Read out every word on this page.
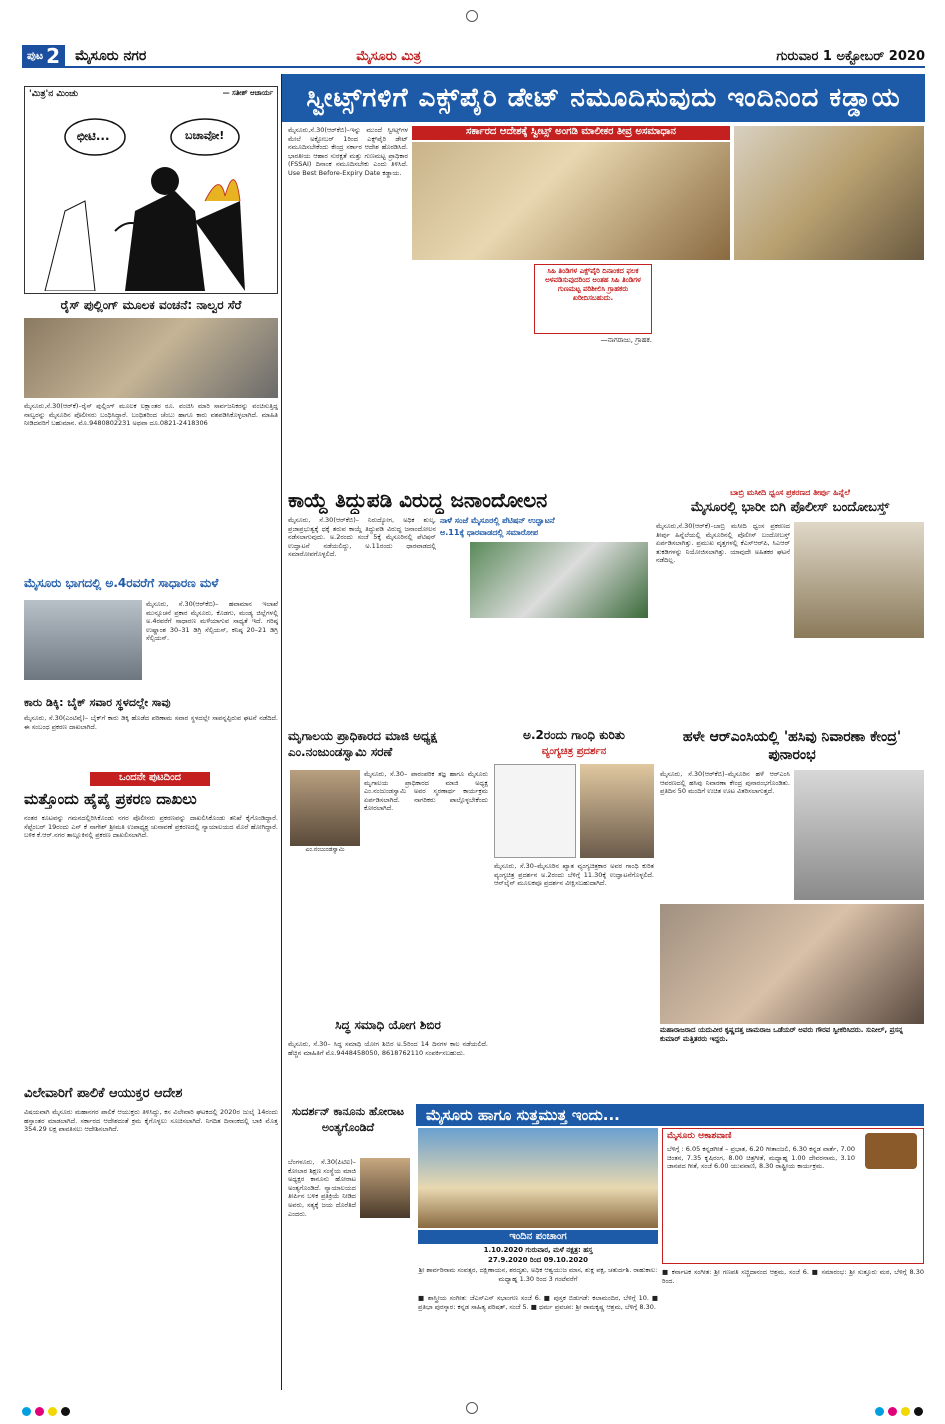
ಪುಟ 2 ಮೈಸೂರು ನಗರ	ಮೈಸೂರು ಮಿತ್ರ	ಗುರುವಾರ 1 ಅಕ್ಟೋಬರ್ 2020
'ಮಿತ್ರ'ನ ಮಿಂಚು	— ಸತೀಶ್ ಆಚಾರ್ಯ
ಛೀಟಿ...	ಬಚಾವೋ!
ರೈಸ್ ಪುಲ್ಲಿಂಗ್ ಮೂಲಕ ವಂಚನೆ: ನಾಲ್ವರ ಸೆರೆ
ಮೈಸೂರು,ಸೆ.30(ಆರ್‌ಕೆ)–ರೈಸ್ ಪುಲ್ಲಿಂಗ್ ಮೂಲಕ ಲಕ್ಷಾಂತರ ರೂ. ವಂಚಿಸಿ ಮಾರಿ ಸಾರ್ವಜನಿಕರನ್ನು ವಂಚಿಸುತ್ತಿದ್ದ ನಾಲ್ವರನ್ನು ಮೈಸೂರಿನ ಪೊಲೀಸರು ಬಂಧಿಸಿದ್ದಾರೆ. ಬಂಧಿತರಿಂದ ಚೆಂಬು ಹಾಗೂ ಕಾರು ವಶಪಡಿಸಿಕೊಳ್ಳಲಾಗಿದೆ. ಮಾಹಿತಿ ನೀಡಿದವರಿಗೆ ಬಹುಮಾನ. ಮೊ.9480802231 ಅಥವಾ ದೂ.0821-2418306
ಮೈಸೂರು ಭಾಗದಲ್ಲಿ ಅ.4ರವರೆಗೆ ಸಾಧಾರಣ ಮಳೆ
ಮೈಸೂರು, ಸೆ.30(ಆರ್‌ಕೆಬಿ)– ಹವಾಮಾನ ಇಲಾಖೆ ಮುನ್ಸೂಚನೆ ಪ್ರಕಾರ ಮೈಸೂರು, ಕೊಡಗು, ಮಂಡ್ಯ ಜಿಲ್ಲೆಗಳಲ್ಲಿ ಅ.4ರವರೆಗೆ ಸಾಧಾರಣ ಮಳೆಯಾಗುವ ಸಾಧ್ಯತೆ ಇದೆ. ಗರಿಷ್ಠ ಉಷ್ಣಾಂಶ 30–31 ಡಿಗ್ರಿ ಸೆಲ್ಸಿಯಸ್, ಕನಿಷ್ಠ 20–21 ಡಿಗ್ರಿ ಸೆಲ್ಸಿಯಸ್.
ಕಾರು ಡಿಕ್ಕಿ: ಬೈಕ್ ಸವಾರ ಸ್ಥಳದಲ್ಲೇ ಸಾವು
ಮೈಸೂರು, ಸೆ.30(ಎಂಟಿವೈ)– ಬೈಕ್‌ಗೆ ಕಾರು ಡಿಕ್ಕಿ ಹೊಡೆದ ಪರಿಣಾಮ ಸವಾರ ಸ್ಥಳದಲ್ಲೇ ಸಾವನ್ನಪ್ಪಿರುವ ಘಟನೆ ನಡೆದಿದೆ. ಈ ಸಂಬಂಧ ಪ್ರಕರಣ ದಾಖಲಾಗಿದೆ.
ಒಂದನೇ ಪುಟದಿಂದ
ಮತ್ತೊಂದು ಹೈಪೈ ಪ್ರಕರಣ ದಾಖಲು
ನಂತರ ಕೂಟವನ್ನು ಗಮನದಲ್ಲಿರಿಸಿಕೊಂಡು ನಗರ ಪೊಲೀಸರು ಪ್ರಕರಣವನ್ನು ದಾಖಲಿಸಿಕೊಂಡು ತನಿಖೆ ಕೈಗೊಂಡಿದ್ದಾರೆ. ಸೆಪ್ಟೆಂಬರ್ 19ರಂದು ಎನ್ ಕೆ ನಾಗೇಶ್ ಶ್ರೀಮತಿ ಉಪಾಧ್ಯಕ್ಷ ಚುನಾವಣೆ ಪ್ರಕರಣದಲ್ಲಿ ನ್ಯಾಯಾಲಯದ ಮೊರೆ ಹೋಗಿದ್ದಾರೆ. ಬಳಿಕ ಕೆ.ಆರ್.ನಗರ ತಾಲ್ಲೂಕಿನಲ್ಲಿ ಪ್ರಕರಣ ದಾಖಲಿಸಲಾಗಿದೆ.
ವಿಲೇವಾರಿಗೆ ಪಾಲಿಕೆ ಆಯುಕ್ತರ ಆದೇಶ
ವಿಷಯವಾಗಿ ಮೈಸೂರು ಮಹಾನಗರ ಪಾಲಿಕೆ ಆಯುಕ್ತರು ತಿಳಿಸಿದ್ದು, ಕಸ ವಿಲೇವಾರಿ ಘಟಕದಲ್ಲಿ 2020ರ ಜುಲೈ 14ರಂದು ಹಸ್ತಾಂತರ ಮಾಡಲಾಗಿದೆ. ಸರ್ಕಾರದ ಆದೇಶದಂತೆ ಕ್ರಮ ಕೈಗೊಳ್ಳಲು ಸೂಚಿಸಲಾಗಿದೆ. ನಿಗದಿತ ದಿನಾಂಕದಲ್ಲಿ ಬಾಕಿ ಮೊತ್ತ 354.29 ಲಕ್ಷ ಪಾವತಿಸಲು ಆದೇಶಿಸಲಾಗಿದೆ.
ಸ್ವೀಟ್ಸ್‌ಗಳಿಗೆ ಎಕ್ಸ್‌ಪೈರಿ ಡೇಟ್ ನಮೂದಿಸುವುದು ಇಂದಿನಿಂದ ಕಡ್ಡಾಯ
ಮೈಸೂರು,ಸೆ.30(ಆರ್‌ಕೆಬಿ)–ಇನ್ನು ಮುಂದೆ ಸ್ವೀಟ್ಸ್‌ಗಳ ಮೇಲೆ ಅಕ್ಟೋಬರ್ 1ರಿಂದ ಎಕ್ಸ್‌ಪೈರಿ ಡೇಟ್ ನಮೂದಿಸಬೇಕೆಂದು ಕೇಂದ್ರ ಸರ್ಕಾರ ಆದೇಶ ಹೊರಡಿಸಿದೆ. ಭಾರತೀಯ ಆಹಾರ ಸುರಕ್ಷತೆ ಮತ್ತು ಗುಣಮಟ್ಟ ಪ್ರಾಧಿಕಾರ (FSSAI) ದಿನಾಂಕ ನಮೂದಿಸಬೇಕು ಎಂದು ತಿಳಿಸಿದೆ. Use Best Before-Expiry Date ಕಡ್ಡಾಯ.
ಸರ್ಕಾರದ ಆದೇಶಕ್ಕೆ ಸ್ವೀಟ್ಸ್ ಅಂಗಡಿ ಮಾಲೀಕರ ತೀವ್ರ ಅಸಮಾಧಾನ
ಸಿಹಿ ತಿಂಡಿಗಳ ಎಕ್ಸ್‌ಪೈರಿ ದಿನಾಂಕದ ಫಲಕ ಅಳವಡಿಸುವುದರಿಂದ ಅಂತಹ ಸಿಹಿ ತಿಂಡಿಗಳ ಗುಣಮಟ್ಟ ಪರಿಶೀಲಿಸಿ ಗ್ರಾಹಕರು ಖರೀದಿಸಬಹುದು.
—ನಾಗರಾಜು, ಗ್ರಾಹಕ.
ಕಾಯ್ದೆ ತಿದ್ದುಪಡಿ ವಿರುದ್ಧ ಜನಾಂದೋಲನ
ನಾಳೆ ಸಂಜೆ ಮೈಸೂರಲ್ಲಿ ಪೆಟಿಷನ್ ಉದ್ಘಾಟನೆ
ಅ.11ಕ್ಕೆ ಧಾರವಾಡದಲ್ಲಿ ಸಮಾರೋಪ
ಮೈಸೂರು, ಸೆ.30(ಆರ್‌ಕೆಬಿ)– ನಿರುದ್ಯೋಗ, ಅಧಿಕ ಶುಲ್ಕ, ಪ್ರಜಾಪ್ರಭುತ್ವಕ್ಕೆ ಧಕ್ಕೆ ತರುವ ಕಾಯ್ದೆ ತಿದ್ದುಪಡಿ ವಿರುದ್ಧ ಜನಾಂದೋಲನ ನಡೆಸಲಾಗುವುದು. ಅ.2ರಂದು ಸಂಜೆ 5ಕ್ಕೆ ಮೈಸೂರಿನಲ್ಲಿ ಪೆಟಿಷನ್ ಉದ್ಘಾಟನೆ ನಡೆಯಲಿದ್ದು, ಅ.11ರಂದು ಧಾರವಾಡದಲ್ಲಿ ಸಮಾರೋಪಗೊಳ್ಳಲಿದೆ.
ಬಾಬ್ರಿ ಮಸೀದಿ ಧ್ವಂಸ ಪ್ರಕರಣದ ತೀರ್ಪು ಹಿನ್ನೆಲೆ
ಮೈಸೂರಲ್ಲಿ ಭಾರೀ ಬಿಗಿ ಪೊಲೀಸ್ ಬಂದೋಬಸ್ತ್
ಮೈಸೂರು,ಸೆ.30(ಆರ್‌ಕೆ)–ಬಾಬ್ರಿ ಮಸೀದಿ ಧ್ವಂಸ ಪ್ರಕರಣದ ತೀರ್ಪು ಹಿನ್ನೆಲೆಯಲ್ಲಿ ಮೈಸೂರಿನಲ್ಲಿ ಪೊಲೀಸ್ ಬಂದೋಬಸ್ತ್ ಏರ್ಪಡಿಸಲಾಗಿತ್ತು. ಪ್ರಮುಖ ವೃತ್ತಗಳಲ್ಲಿ ಕೆಎಸ್‌ಆರ್‌ಪಿ, ಸಿಎಆರ್ ತುಕಡಿಗಳನ್ನು ನಿಯೋಜಿಸಲಾಗಿತ್ತು. ಯಾವುದೇ ಅಹಿತಕರ ಘಟನೆ ನಡೆದಿಲ್ಲ.
ಮೃಗಾಲಯ ಪ್ರಾಧಿಕಾರದ ಮಾಜಿ ಅಧ್ಯಕ್ಷ ಎಂ.ನಂಜುಂಡಸ್ವಾಮಿ ಸರಣೆ
ಎಂ.ನಂಜುಂಡಸ್ವಾಮಿ
ಮೈಸೂರು, ಸೆ.30– ಪಾರಂಪರಿಕ ತಜ್ಞ ಹಾಗೂ ಮೈಸೂರು ಮೃಗಾಲಯ ಪ್ರಾಧಿಕಾರದ ಮಾಜಿ ಅಧ್ಯಕ್ಷ ಎಂ.ನಂಜುಂಡಸ್ವಾಮಿ ಅವರ ಸ್ಮರಣಾರ್ಥ ಕಾರ್ಯಕ್ರಮ ಏರ್ಪಡಿಸಲಾಗಿದೆ. ನಾಗರಿಕರು ಪಾಲ್ಗೊಳ್ಳಬೇಕೆಂದು ಕೋರಲಾಗಿದೆ.
ಸಿದ್ಧ ಸಮಾಧಿ ಯೋಗ ಶಿಬಿರ
ಮೈಸೂರು, ಸೆ.30– ಸಿದ್ಧ ಸಮಾಧಿ ಯೋಗ ಶಿಬಿರ ಅ.5ರಿಂದ 14 ದಿನಗಳ ಕಾಲ ನಡೆಯಲಿದೆ. ಹೆಚ್ಚಿನ ಮಾಹಿತಿಗೆ ಮೊ.9448458050, 8618762110 ಸಂಪರ್ಕಿಸಬಹುದು.
ಅ.2ರಂದು ಗಾಂಧಿ ಕುರಿತು
ವ್ಯಂಗ್ಯಚಿತ್ರ ಪ್ರದರ್ಶನ
ಮೈಸೂರು, ಸೆ.30–ಮೈಸೂರಿನ ಖ್ಯಾತ ವ್ಯಂಗ್ಯಚಿತ್ರಕಾರ ಅವರ ಗಾಂಧಿ ಕುರಿತ ವ್ಯಂಗ್ಯಚಿತ್ರ ಪ್ರದರ್ಶನ ಅ.2ರಂದು ಬೆಳಿಗ್ಗೆ 11.30ಕ್ಕೆ ಉದ್ಘಾಟನೆಗೊಳ್ಳಲಿದೆ. ಆನ್‌ಲೈನ್ ಮೂಲಕವೂ ಪ್ರದರ್ಶನ ವೀಕ್ಷಿಸಬಹುದಾಗಿದೆ.
ಹಳೇ ಆರ್‌ಎಂಸಿಯಲ್ಲಿ 'ಹಸಿವು ನಿವಾರಣಾ ಕೇಂದ್ರ' ಪುನಾರಂಭ
ಮೈಸೂರು, ಸೆ.30(ಆರ್‌ಕೆಬಿ)–ಮೈಸೂರಿನ ಹಳೆ ಆರ್‌ಎಂಸಿ ಆವರಣದಲ್ಲಿ ಹಸಿವು ನಿವಾರಣಾ ಕೇಂದ್ರ ಪುನಾರಂಭಗೊಂಡಿತು. ಪ್ರತಿದಿನ 50 ಮಂದಿಗೆ ಉಚಿತ ಊಟ ವಿತರಿಸಲಾಗುತ್ತದೆ.
ಮಹಾರಾಜರಾದ ಯದುವೀರ ಕೃಷ್ಣದತ್ತ ಚಾಮರಾಜ ಒಡೆಯರ್ ಅವರು ಗೌರವ ಸ್ವೀಕರಿಸಿದರು. ಸುನೀಲ್, ಪ್ರಸನ್ನ ಕುಮಾರ್ ಮತ್ತಿತರರು ಇದ್ದರು.
ಸುದರ್ಶನ್ ಕಾನೂನು ಹೋರಾಟ ಅಂತ್ಯಗೊಂಡಿದೆ
ಬೆಂಗಳೂರು, ಸೆ.30(ಪಿಟಿಐ)– ಕೋಲಾರ ಶಿಕ್ಷಣ ಸಂಸ್ಥೆಯ ಮಾಜಿ ಅಧ್ಯಕ್ಷರ ಕಾನೂನು ಹೋರಾಟ ಅಂತ್ಯಗೊಂಡಿದೆ. ನ್ಯಾಯಾಲಯದ ತೀರ್ಪಿನ ಬಳಿಕ ಪ್ರತಿಕ್ರಿಯೆ ನೀಡಿದ ಅವರು, ಸತ್ಯಕ್ಕೆ ಜಯ ದೊರೆತಿದೆ ಎಂದರು.
ಮೈಸೂರು ಹಾಗೂ ಸುತ್ತಮುತ್ತ ಇಂದು...
ಇಂದಿನ ಪಂಚಾಂಗ
1.10.2020 ಗುರುವಾರ, ಮಳೆ ನಕ್ಷತ್ರ: ಹಸ್ತ
27.9.2020 ರಿಂದ 09.10.2020
ಶ್ರೀ ಶಾರ್ವರಿನಾಮ ಸಂವತ್ಸರ, ದಕ್ಷಿಣಾಯನ, ಶರದೃತು, ಅಧಿಕ ಆಶ್ವಯುಜ ಮಾಸ, ಶುಕ್ಲ ಪಕ್ಷ, ಚತುರ್ದಶಿ. ರಾಹುಕಾಲ: ಮಧ್ಯಾಹ್ನ 1.30 ರಿಂದ 3 ಗಂಟೆವರೆಗೆ
■ ಶಾಸ್ತ್ರೀಯ ಸಂಗೀತ: ಜೆಎಸ್‌ಎಸ್ ಸಭಾಂಗಣ ಸಂಜೆ 6. ■ ಪುಸ್ತಕ ಬಿಡುಗಡೆ: ಕಲಾಮಂದಿರ, ಬೆಳಿಗ್ಗೆ 10. ■ ಪ್ರತಿಭಾ ಪುರಸ್ಕಾರ: ಕನ್ನಡ ಸಾಹಿತ್ಯ ಪರಿಷತ್, ಸಂಜೆ 5. ■ ಧರ್ಮ ಪ್ರವಚನ: ಶ್ರೀ ರಾಮಕೃಷ್ಣ ಆಶ್ರಮ, ಬೆಳಿಗ್ಗೆ 8.30.
ಮೈಸೂರು ಆಕಾಶವಾಣಿ
ಬೆಳಿಗ್ಗೆ : 6.05 ಕನ್ನಡಗೀತೆ – ಪ್ರಭಾತ, 6.20 ಗೀತಾಂಜಲಿ, 6.30 ಕನ್ನಡ ವಾರ್ತೆ, 7.00 ಚಿಂತನ, 7.35 ಕೃಷಿರಂಗ, 8.00 ಚಿತ್ರಗೀತೆ, ಮಧ್ಯಾಹ್ನ 1.00 ದೇವರನಾಮ, 3.10 ಜಾನಪದ ಗೀತೆ, ಸಂಜೆ 6.00 ಯುವವಾಣಿ, 8.30 ರಾಷ್ಟ್ರೀಯ ಕಾರ್ಯಕ್ರಮ.
■ ಕರ್ನಾಟಕ ಸಂಗೀತ: ಶ್ರೀ ಗಣಪತಿ ಸಚ್ಚಿದಾನಂದ ಆಶ್ರಮ, ಸಂಜೆ 6. ■ ಸಮಾರಂಭ: ಶ್ರೀ ಸುತ್ತೂರು ಮಠ, ಬೆಳಿಗ್ಗೆ 8.30 ರಿಂದ.
